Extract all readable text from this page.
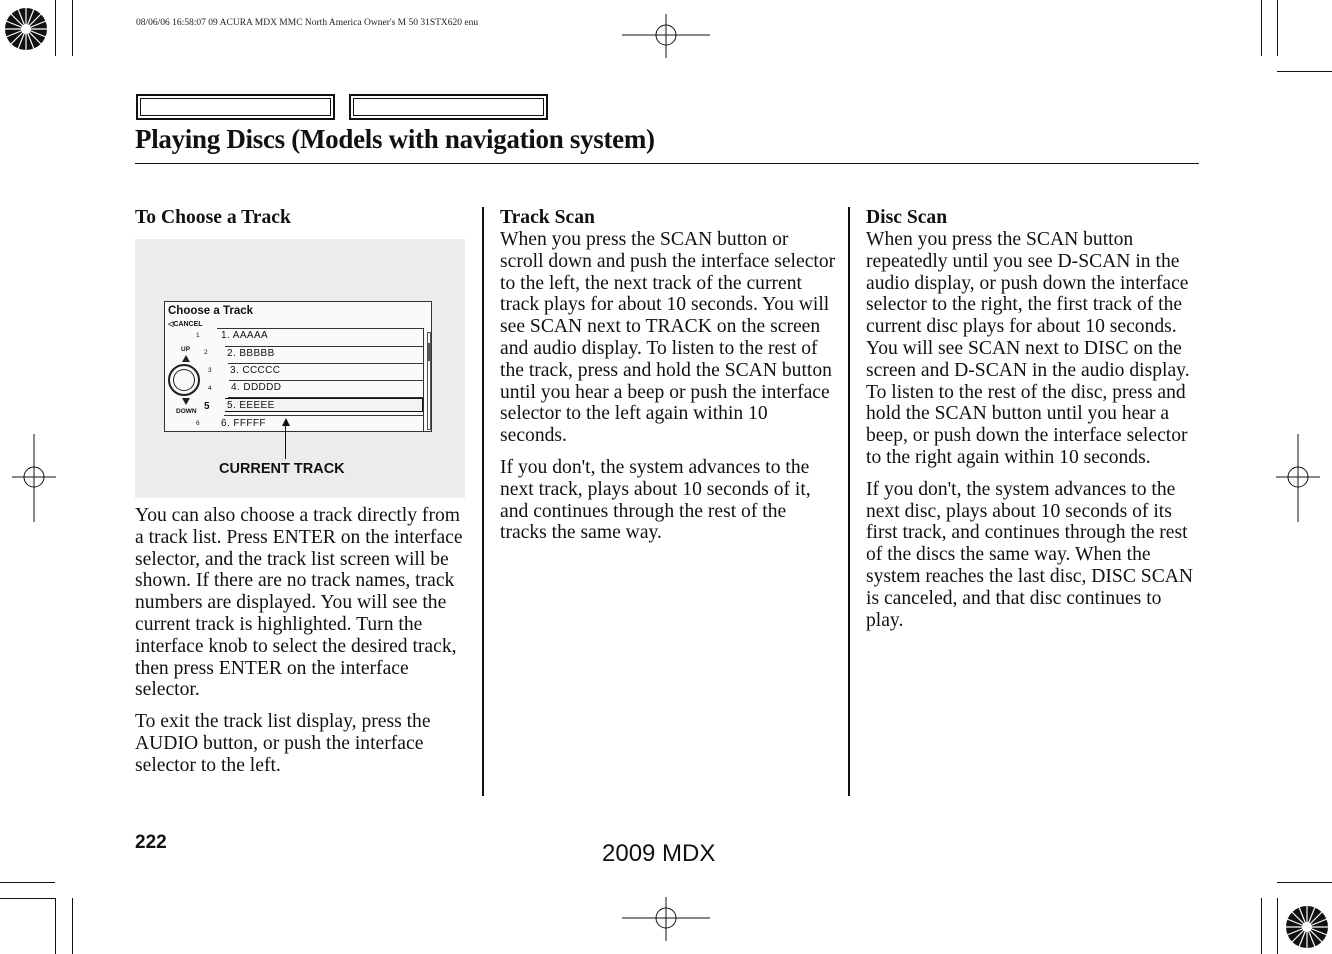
08/06/06 16:58:07 09 ACURA MDX MMC North America Owner's M 50 31STX620 enu
Playing Discs (Models with navigation system)
To Choose a Track
Choose a Track
◁CANCEL
UP
DOWN
1
2
3
4
5
6
1. AAAAA
2. BBBBB
3. CCCCC
4. DDDDD
5. EEEEE
6. FFFFF
CURRENT TRACK

You can also choose a track directly from a track list. Press ENTER on the interface selector, and the track list screen will be shown. If there are no track names, track numbers are displayed. You will see the current track is highlighted. Turn the interface knob to select the desired track, then press ENTER on the interface selector.

To exit the track list display, press the AUDIO button, or push the interface selector to the left.

Track Scan

When you press the SCAN button or scroll down and push the interface selector to the left, the next track of the current track plays for about 10 seconds. You will see SCAN next to TRACK on the screen and audio display. To listen to the rest of the track, press and hold the SCAN button until you hear a beep or push the interface selector to the left again within 10 seconds.

If you don't, the system advances to the next track, plays about 10 seconds of it, and continues through the rest of the tracks the same way.

Disc Scan

When you press the SCAN button repeatedly until you see D-SCAN in the audio display, or push down the interface selector to the right, the first track of the current disc plays for about 10 seconds. You will see SCAN next to DISC on the screen and D-SCAN in the audio display. To listen to the rest of the disc, press and hold the SCAN button until you hear a beep, or push down the interface selector to the right again within 10 seconds.

If you don't, the system advances to the next disc, plays about 10 seconds of its first track, and continues through the rest of the discs the same way. When the system reaches the last disc, DISC SCAN is canceled, and that disc continues to play.

222	2009 MDX
